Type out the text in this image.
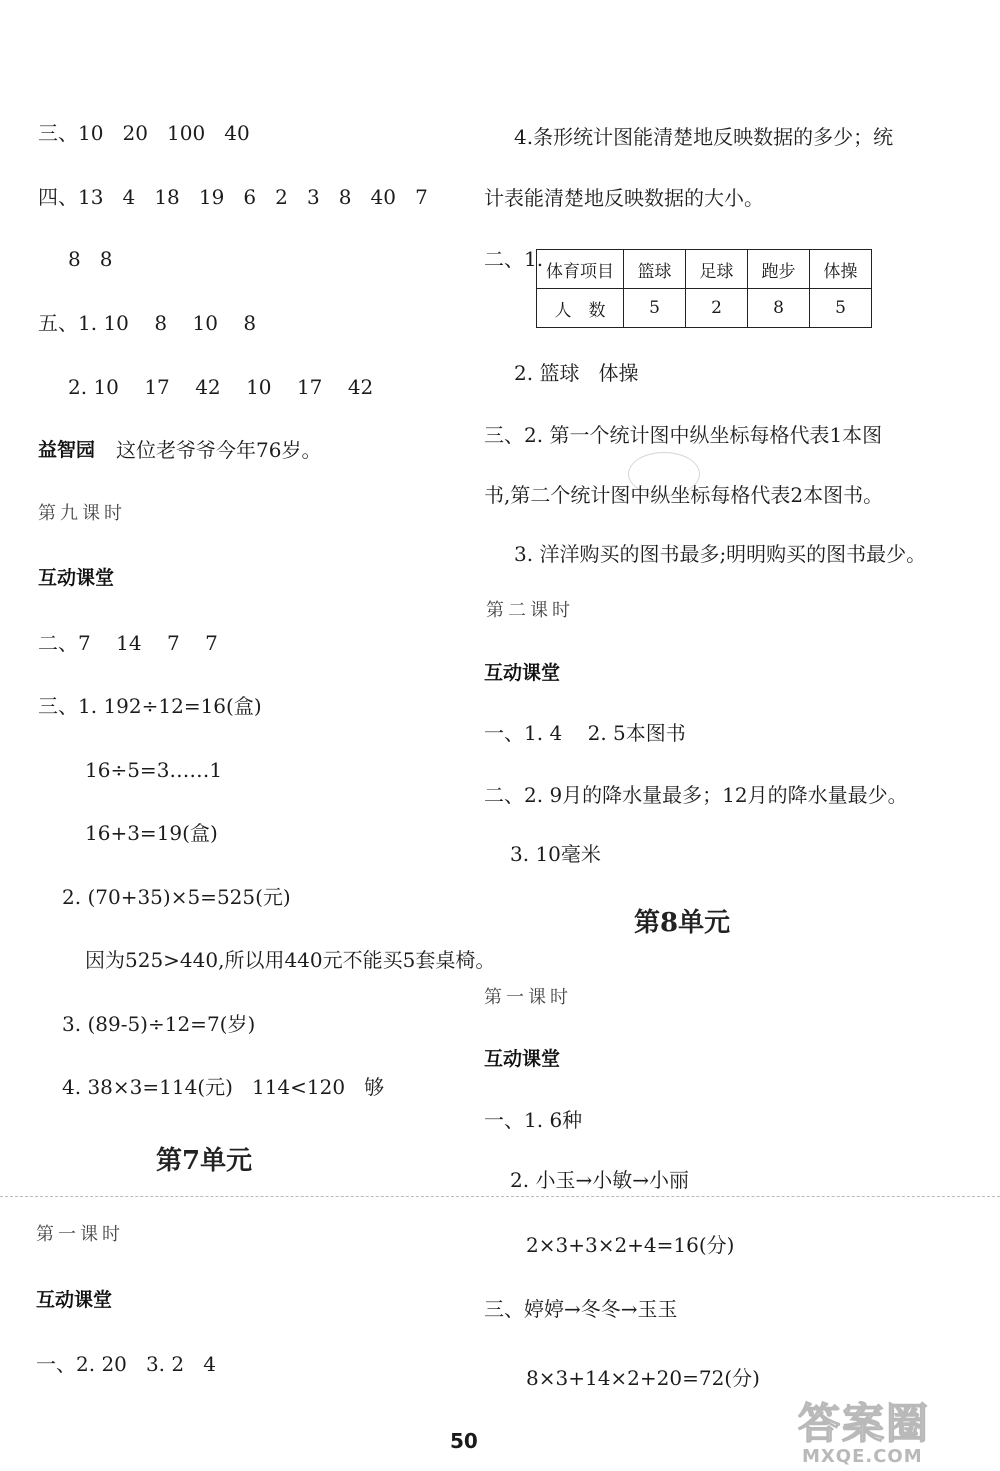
三、10   20   100   40
四、13   4   18   19   6   2   3   8   40   7
8   8
五、1. 10    8    10    8
2. 10    17    42    10    17    42
益智园 这位老爷爷今年76岁。
第九课时
互动课堂
二、7    14    7    7
三、1. 192÷12=16(盒)
16÷5=3……1
16+3=19(盒)
2. (70+35)×5=525(元)
因为525>440,所以用440元不能买5套桌椅。
3. (89-5)÷12=7(岁)
4. 38×3=114(元)   114<120   够
第7单元
第一课时
互动课堂
一、2. 20   3. 2   4
4.条形统计图能清楚地反映数据的多少；统
计表能清楚地反映数据的大小。
二、1.
体育项目	篮球	足球	跑步	体操
人　数	5	2	8	5
2. 篮球   体操
三、2. 第一个统计图中纵坐标每格代表1本图
书,第二个统计图中纵坐标每格代表2本图书。
3. 洋洋购买的图书最多;明明购买的图书最少。
第二课时
互动课堂
一、1. 4    2. 5本图书
二、2. 9月的降水量最多；12月的降水量最少。
3. 10毫米
第8单元
第一课时
互动课堂
一、1. 6种
2. 小玉→小敏→小丽
2×3+3×2+4=16(分)
三、婷婷→冬冬→玉玉
8×3+14×2+20=72(分)
50	答案圈
MXQE.COM
